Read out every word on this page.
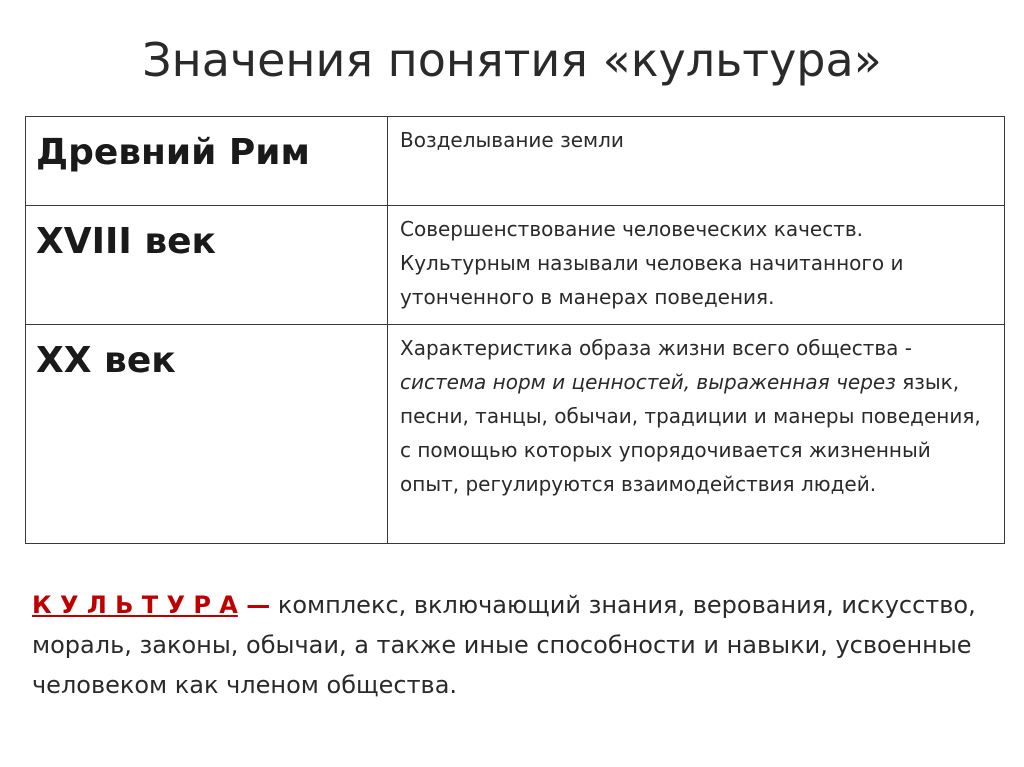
Значения понятия «культура»
Древний Рим	Возделывание земли
XVIII век	Совершенствование человеческих качеств. Культурным называли человека начитанного и утонченного в манерах поведения.
XX век	Характеристика образа жизни всего общества - система норм и ценностей, выраженная через язык, песни, танцы, обычаи, традиции и манеры поведения, с помощью которых упорядочивается жизненный опыт, регулируются взаимодействия людей.
К У Л Ь Т У Р А — комплекс, включающий знания, верования, искусство, мораль, законы, обычаи, а также иные способности и навыки, усвоенные человеком как членом общества.
